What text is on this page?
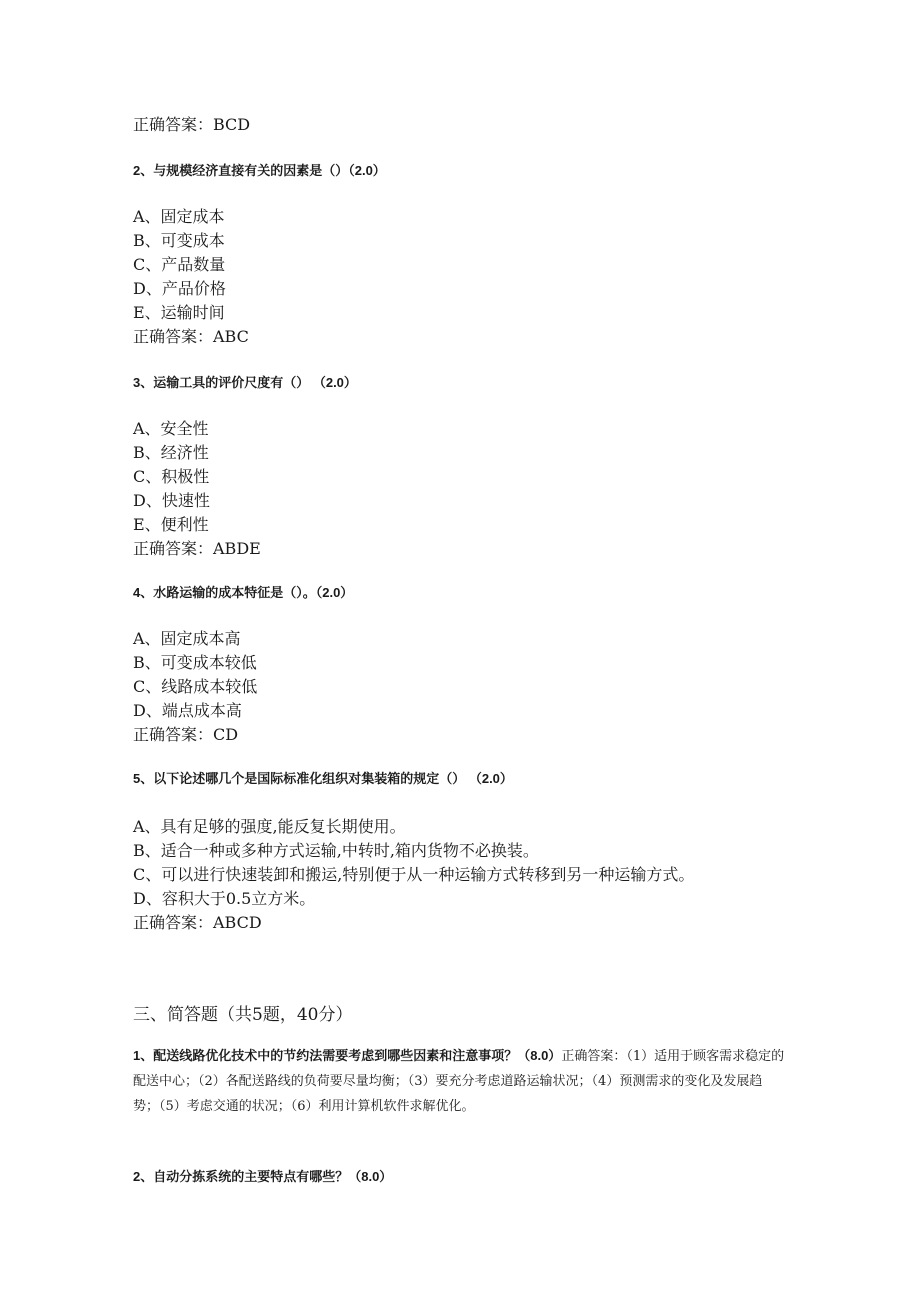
正确答案：BCD
2、与规模经济直接有关的因素是（）（2.0）
A、固定成本
B、可变成本
C、产品数量
D、产品价格
E、运输时间
正确答案：ABC
3、运输工具的评价尺度有（） （2.0）
A、安全性
B、经济性
C、积极性
D、快速性
E、便利性
正确答案：ABDE
4、水路运输的成本特征是（）。（2.0）
A、固定成本高
B、可变成本较低
C、线路成本较低
D、端点成本高
正确答案：CD
5、以下论述哪几个是国际标准化组织对集装箱的规定（） （2.0）
A、具有足够的强度,能反复长期使用。
B、适合一种或多种方式运输,中转时,箱内货物不必换装。
C、可以进行快速装卸和搬运,特别便于从一种运输方式转移到另一种运输方式。
D、容积大于0.5立方米。
正确答案：ABCD
三、简答题（共5题，40分）
1、配送线路优化技术中的节约法需要考虑到哪些因素和注意事项？（8.0）正确答案：（1）适用于顾客需求稳定的配送中心；（2）各配送路线的负荷要尽量均衡；（3）要充分考虑道路运输状况；（4）预测需求的变化及发展趋势；（5）考虑交通的状况；（6）利用计算机软件求解优化。
2、自动分拣系统的主要特点有哪些？（8.0）
